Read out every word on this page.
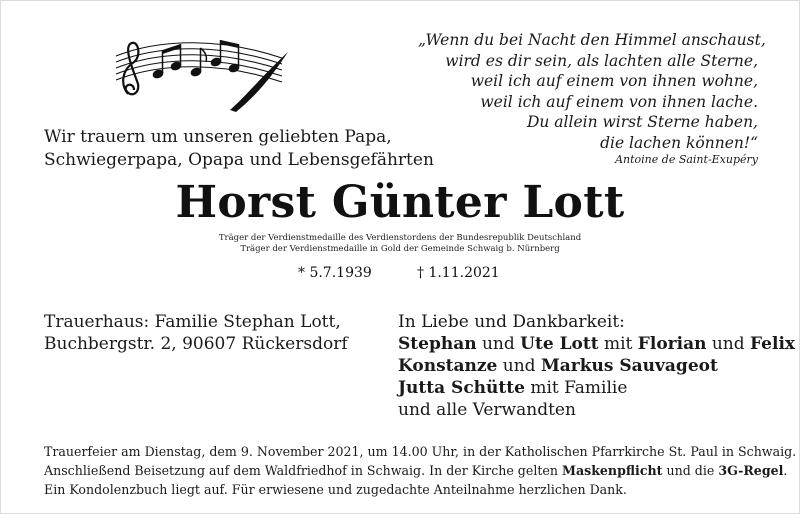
„Wenn du bei Nacht den Himmel anschaust,
wird es dir sein, als lachten alle Sterne,
weil ich auf einem von ihnen wohne,
weil ich auf einem von ihnen lache.
Du allein wirst Sterne haben,
die lachen können!“
Antoine de Saint-Exupéry
Wir trauern um unseren geliebten Papa,
Schwiegerpapa, Opapa und Lebensgefährten
Horst Günter Lott
Träger der Verdienstmedaille des Verdienstordens der Bundesrepublik Deutschland
Träger der Verdienstmedaille in Gold der Gemeinde Schwaig b. Nürnberg
* 5.7.1939	† 1.11.2021
Trauerhaus: Familie Stephan Lott,
Buchbergstr. 2, 90607 Rückersdorf
In Liebe und Dankbarkeit:
Stephan und Ute Lott mit Florian und Felix
Konstanze und Markus Sauvageot
Jutta Schütte mit Familie
und alle Verwandten
Trauerfeier am Dienstag, dem 9. November 2021, um 14.00 Uhr, in der Katholischen Pfarrkirche St. Paul in Schwaig.
Anschließend Beisetzung auf dem Waldfriedhof in Schwaig. In der Kirche gelten Maskenpflicht und die 3G-Regel.
Ein Kondolenzbuch liegt auf. Für erwiesene und zugedachte Anteilnahme herzlichen Dank.
